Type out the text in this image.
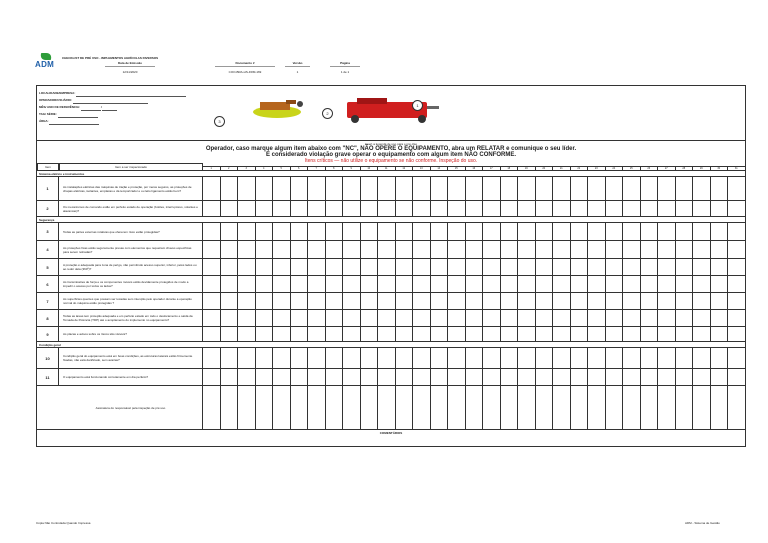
ADM
CHECKLIST DE PRÉ USO - IMPLEMENTOS AGRÍCOLAS DIVERSOS
Data de Emissão
12/11/2020
Documento #
COO-BRA-HS-FRM-169
Versão
1
Página
1 de 1
LOCALIDADE/EMPRESA:
OPERADOR/USUÁRIO:
MÊS/ ANO DE REFERÊNCIA:	/
TAG/ SÉRIE:
ÁREA:
1
2
3
Insert a legenda de uso para o pré-Uso
Operador, caso marque algum item abaixo com "NC", NÃO OPERE O EQUIPAMENTO, abra um RELATAR e comunique o seu líder.
É considerado violação grave operar o equipamento com algum item NÃO CONFORME.
Itens críticos — não utilize o equipamento se não conforme. Inspeção do uso.
Item	Item a ser inspecionado	1	2	3	4	5	6	7	8	9	10	11	12	13	14	15	16	17	18	19	20	21	22	23	24	25	26	27	28	29	30	31
Sistema elétrico e instrumentos
1	As instalações elétricas das máquinas de tração e proteção, por meios seguros, as proteções de chapas elétricas, isolantes, emplacas e da temporizador e ou leito ligamento estão bem?
2	Os mecanismos de comando estão em perfeito estado de operação (botões, interruptores, volantes e alavancas)?
Segurança
3	Todas as partes externas rotativas que oferecem risco estão protegidas?
4	As proteções fixas estão seguramente presas com elementos que requeiram chaves específicas para serem retiradas?
5	A proteção é adequada para zona de perigo, não permitindo acesso superior, inferior, pelos lados ou ao redor dela (360º)?
6	As transmissões de força e os componentes móveis estão devidamente protegidos de modo a impedir o acesso por todos os lados?
7	As superfícies quentes que possam ser tocadas sem intenção pelo operador durante a operação normal do máquina estão protegidas ?
8	Todas as áreas tem proteção adequada e em perfeito estado em todo o deslocamento e saída da Tomada de Potência (TDP) até o acoplamento do implemento no equipamento?
9	As placas e avisos sobre os riscos são visíveis?
Condição geral
10	Condição geral do equipamento está em boas condições, as estruturas laterais estão firmemente fixadas, não está danificado, sem avarias?
11	O equipamento está funcionando corretamente em dia perfeito?
Assinatura do responsável pela inspeção de pré uso
COMENTÁRIOS
Cópia Não Controlada Quando Impressa	ADM - Sistema de Gestão
